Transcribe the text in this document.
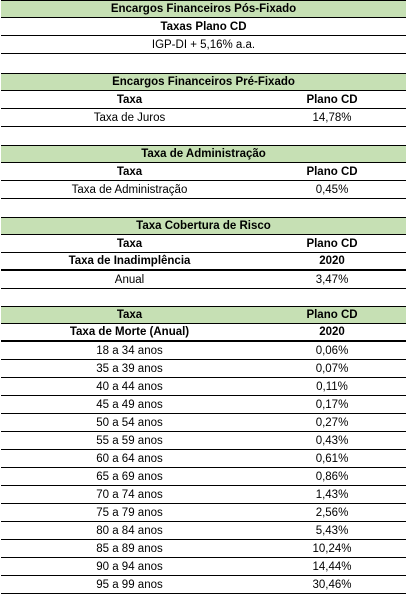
Encargos Financeiros Pós-Fixado
Taxas Plano CD
IGP-DI + 5,16% a.a.
Encargos Financeiros Pré-Fixado
Taxa	Plano CD
Taxa de Juros	14,78%
Taxa de Administração
Taxa	Plano CD
Taxa de Administração	0,45%
Taxa Cobertura de Risco
Taxa	Plano CD
Taxa de Inadimplência	2020
Anual	3,47%
Taxa	Plano CD
Taxa de Morte (Anual)	2020
18 a 34 anos	0,06%
35 a 39 anos	0,07%
40 a 44 anos	0,11%
45 a 49 anos	0,17%
50 a 54 anos	0,27%
55 a 59 anos	0,43%
60 a 64 anos	0,61%
65 a 69 anos	0,86%
70 a 74 anos	1,43%
75 a 79 anos	2,56%
80 a 84 anos	5,43%
85 a 89 anos	10,24%
90 a 94 anos	14,44%
95 a 99 anos	30,46%
